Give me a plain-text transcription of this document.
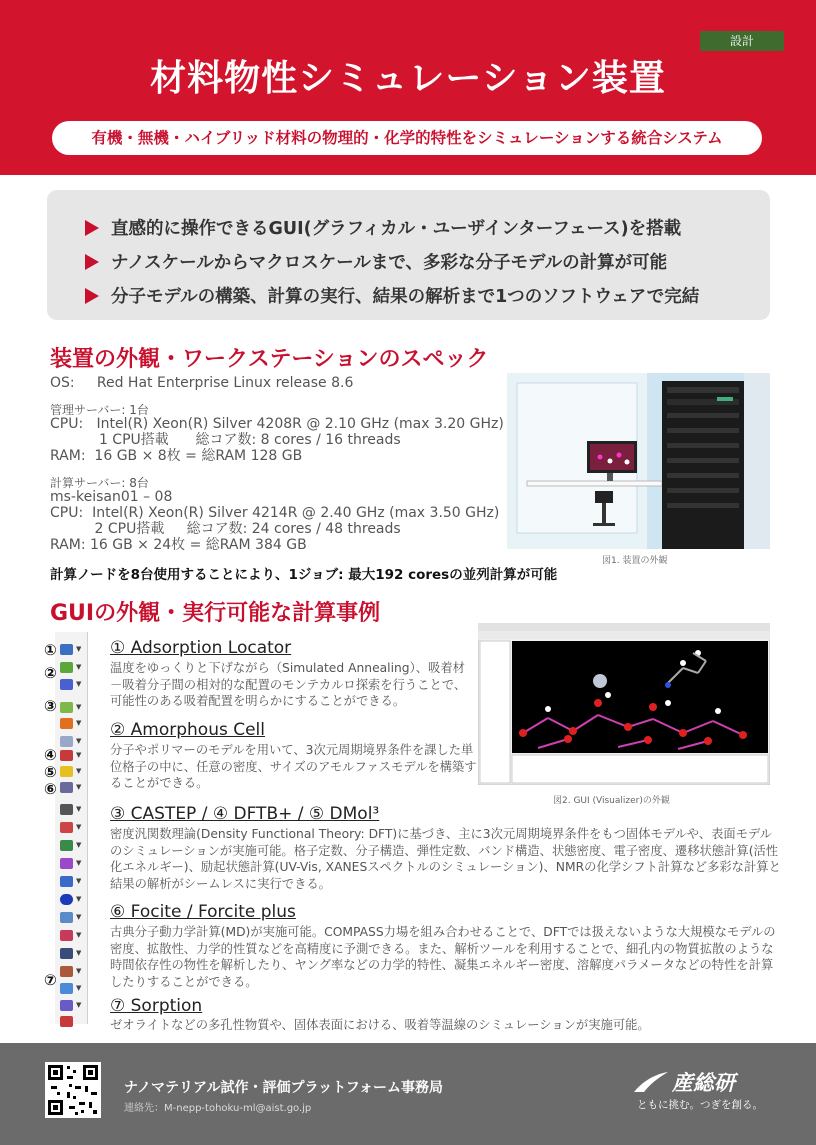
設計
材料物性シミュレーション装置
有機・無機・ハイブリッド材料の物理的・化学的特性をシミュレーションする統合システム
直感的に操作できるGUI(グラフィカル・ユーザインターフェース)を搭載
ナノスケールからマクロスケールまで、多彩な分子モデルの計算が可能
分子モデルの構築、計算の実行、結果の解析まで1つのソフトウェアで完結
装置の外観・ワークステーションのスペック
OS:     Red Hat Enterprise Linux release 8.6
管理サーバー: 1台
CPU:   Intel(R) Xeon(R) Silver 4208R @ 2.10 GHz (max 3.20 GHz)
1 CPU搭載      総コア数: 8 cores / 16 threads
RAM:  16 GB × 8枚 = 総RAM 128 GB
計算サーバー: 8台
ms-keisan01 – 08
CPU:  Intel(R) Xeon(R) Silver 4214R @ 2.40 GHz (max 3.50 GHz)
2 CPU搭載     総コア数: 24 cores / 48 threads
RAM: 16 GB × 24枚 = 総RAM 384 GB
計算ノードを8台使用することにより、1ジョブ: 最大192 coresの並列計算が可能
図1. 装置の外観
GUIの外観・実行可能な計算事例
▼
▼
▼
▼
▼
▼
▼
▼
▼
▼
▼
▼
▼
▼
▼
▼
▼
▼
▼
▼
▼
①
②
③
④
⑤
⑥
⑦
図2. GUI (Visualizer)の外観
① Adsorption Locator
温度をゆっくりと下げながら（Simulated Annealing）、吸着材－吸着分子間の相対的な配置のモンテカルロ探索を行うことで、可能性のある吸着配置を明らかにすることができる。
② Amorphous Cell
分子やポリマーのモデルを用いて、3次元周期境界条件を課した単位格子の中に、任意の密度、サイズのアモルファスモデルを構築することができる。
③ CASTEP / ④ DFTB+ / ⑤ DMol³
密度汎関数理論(Density Functional Theory: DFT)に基づき、主に3次元周期境界条件をもつ固体モデルや、表面モデルのシミュレーションが実施可能。格子定数、分子構造、弾性定数、バンド構造、状態密度、電子密度、遷移状態計算(活性化エネルギー)、励起状態計算(UV-Vis, XANESスペクトルのシミュレーション)、NMRの化学シフト計算など多彩な計算と結果の解析がシームレスに実行できる。
⑥ Focite / Forcite plus
古典分子動力学計算(MD)が実施可能。COMPASS力場を組み合わせることで、DFTでは扱えないような大規模なモデルの密度、拡散性、力学的性質などを高精度に予測できる。また、解析ツールを利用することで、細孔内の物質拡散のような時間依存性の物性を解析したり、ヤング率などの力学的特性、凝集エネルギー密度、溶解度パラメータなどの特性を計算したりすることができる。
⑦ Sorption
ゼオライトなどの多孔性物質や、固体表面における、吸着等温線のシミュレーションが実施可能。
ナノマテリアル試作・評価プラットフォーム事務局
連絡先：M-nepp-tohoku-ml@aist.go.jp
産総研
ともに挑む。つぎを創る。
